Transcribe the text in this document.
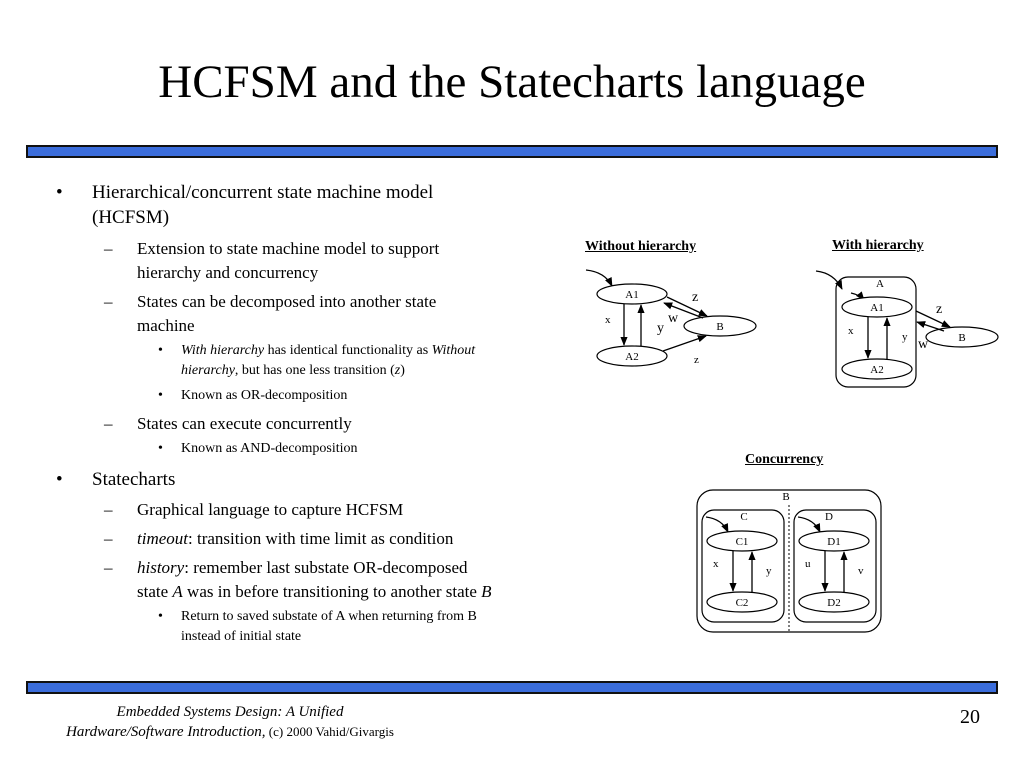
HCFSM and the Statecharts language
• Hierarchical/concurrent state machine model
(HCFSM)
– Extension to state machine model to support
hierarchy and concurrency
– States can be decomposed into another state
machine
• With hierarchy has identical functionality as Without
hierarchy, but has one less transition (z)
• Known as OR-decomposition
– States can execute concurrently
• Known as AND-decomposition
• Statecharts
– Graphical language to capture HCFSM
– timeout: transition with time limit as condition
– history: remember last substate OR-decomposed
state A was in before transitioning to another state B
• Return to saved substate of A when returning from B
instead of initial state
Without hierarchy	With hierarchy
Concurrency
A1
A2
B
x
y
z
w
z
A
A1
A2
x	y	B
z
w
B
C	D
C1
C2
x
y
D1
D2
u
v
Embedded Systems Design: A Unified
Hardware/Software Introduction, (c) 2000 Vahid/Givargis
20
